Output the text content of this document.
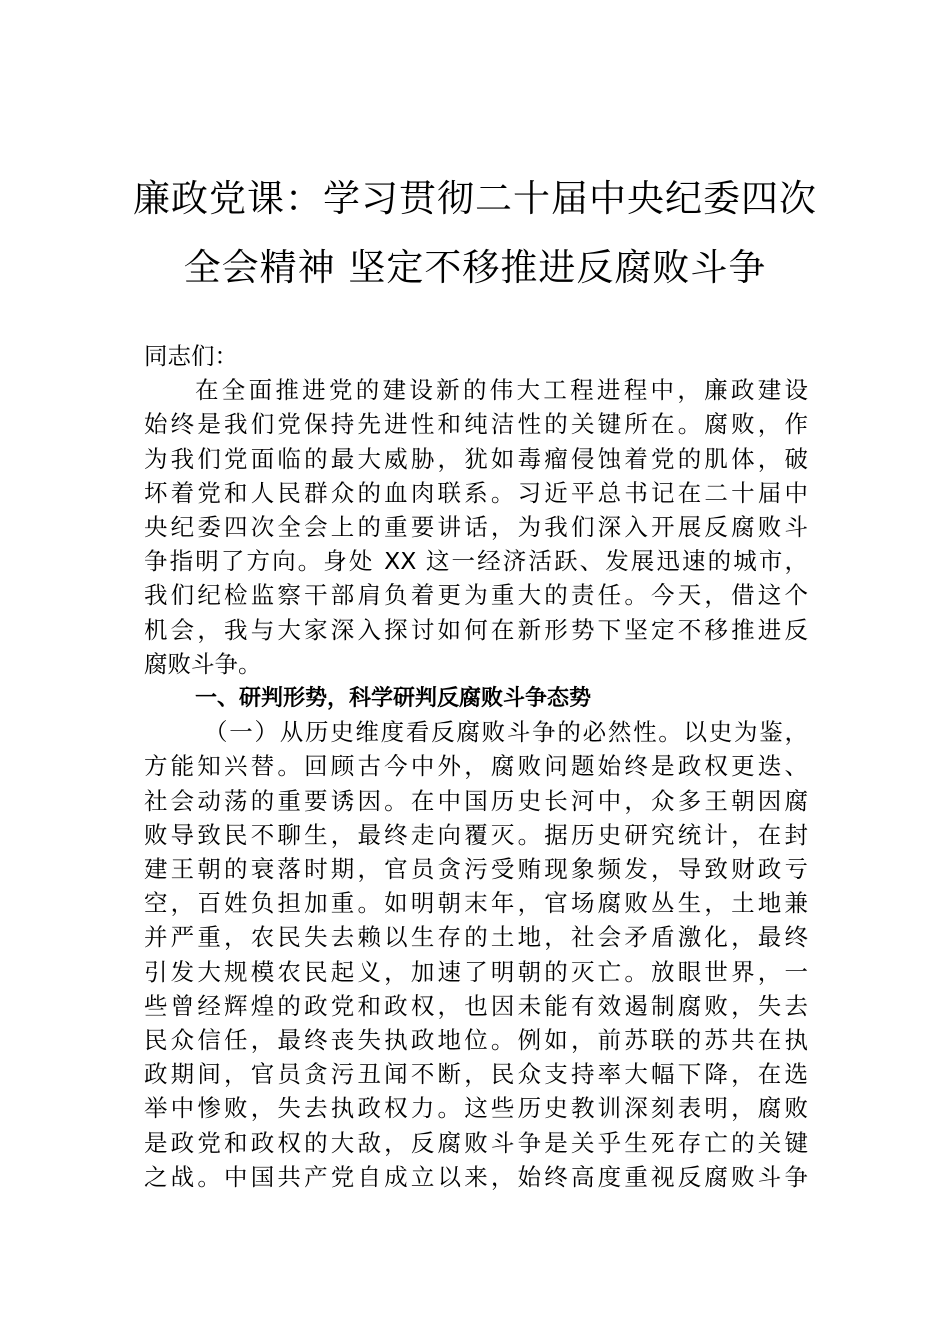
廉政党课：学习贯彻二十届中央纪委四次
全会精神 坚定不移推进反腐败斗争

同志们：

在全面推进党的建设新的伟大工程进程中，廉政建设
始终是我们党保持先进性和纯洁性的关键所在。腐败，作
为我们党面临的最大威胁，犹如毒瘤侵蚀着党的肌体，破
坏着党和人民群众的血肉联系。习近平总书记在二十届中
央纪委四次全会上的重要讲话，为我们深入开展反腐败斗
争指明了方向。身处 XX 这一经济活跃、发展迅速的城市，
我们纪检监察干部肩负着更为重大的责任。今天，借这个
机会，我与大家深入探讨如何在新形势下坚定不移推进反
腐败斗争。

一、研判形势，科学研判反腐败斗争态势

（一）从历史维度看反腐败斗争的必然性。以史为鉴，
方能知兴替。回顾古今中外，腐败问题始终是政权更迭、
社会动荡的重要诱因。在中国历史长河中，众多王朝因腐
败导致民不聊生，最终走向覆灭。据历史研究统计，在封
建王朝的衰落时期，官员贪污受贿现象频发，导致财政亏
空，百姓负担加重。如明朝末年，官场腐败丛生，土地兼
并严重，农民失去赖以生存的土地，社会矛盾激化，最终
引发大规模农民起义，加速了明朝的灭亡。放眼世界，一
些曾经辉煌的政党和政权，也因未能有效遏制腐败，失去
民众信任，最终丧失执政地位。例如，前苏联的苏共在执
政期间，官员贪污丑闻不断，民众支持率大幅下降，在选
举中惨败，失去执政权力。这些历史教训深刻表明，腐败
是政党和政权的大敌，反腐败斗争是关乎生死存亡的关键
之战。中国共产党自成立以来，始终高度重视反腐败斗争
